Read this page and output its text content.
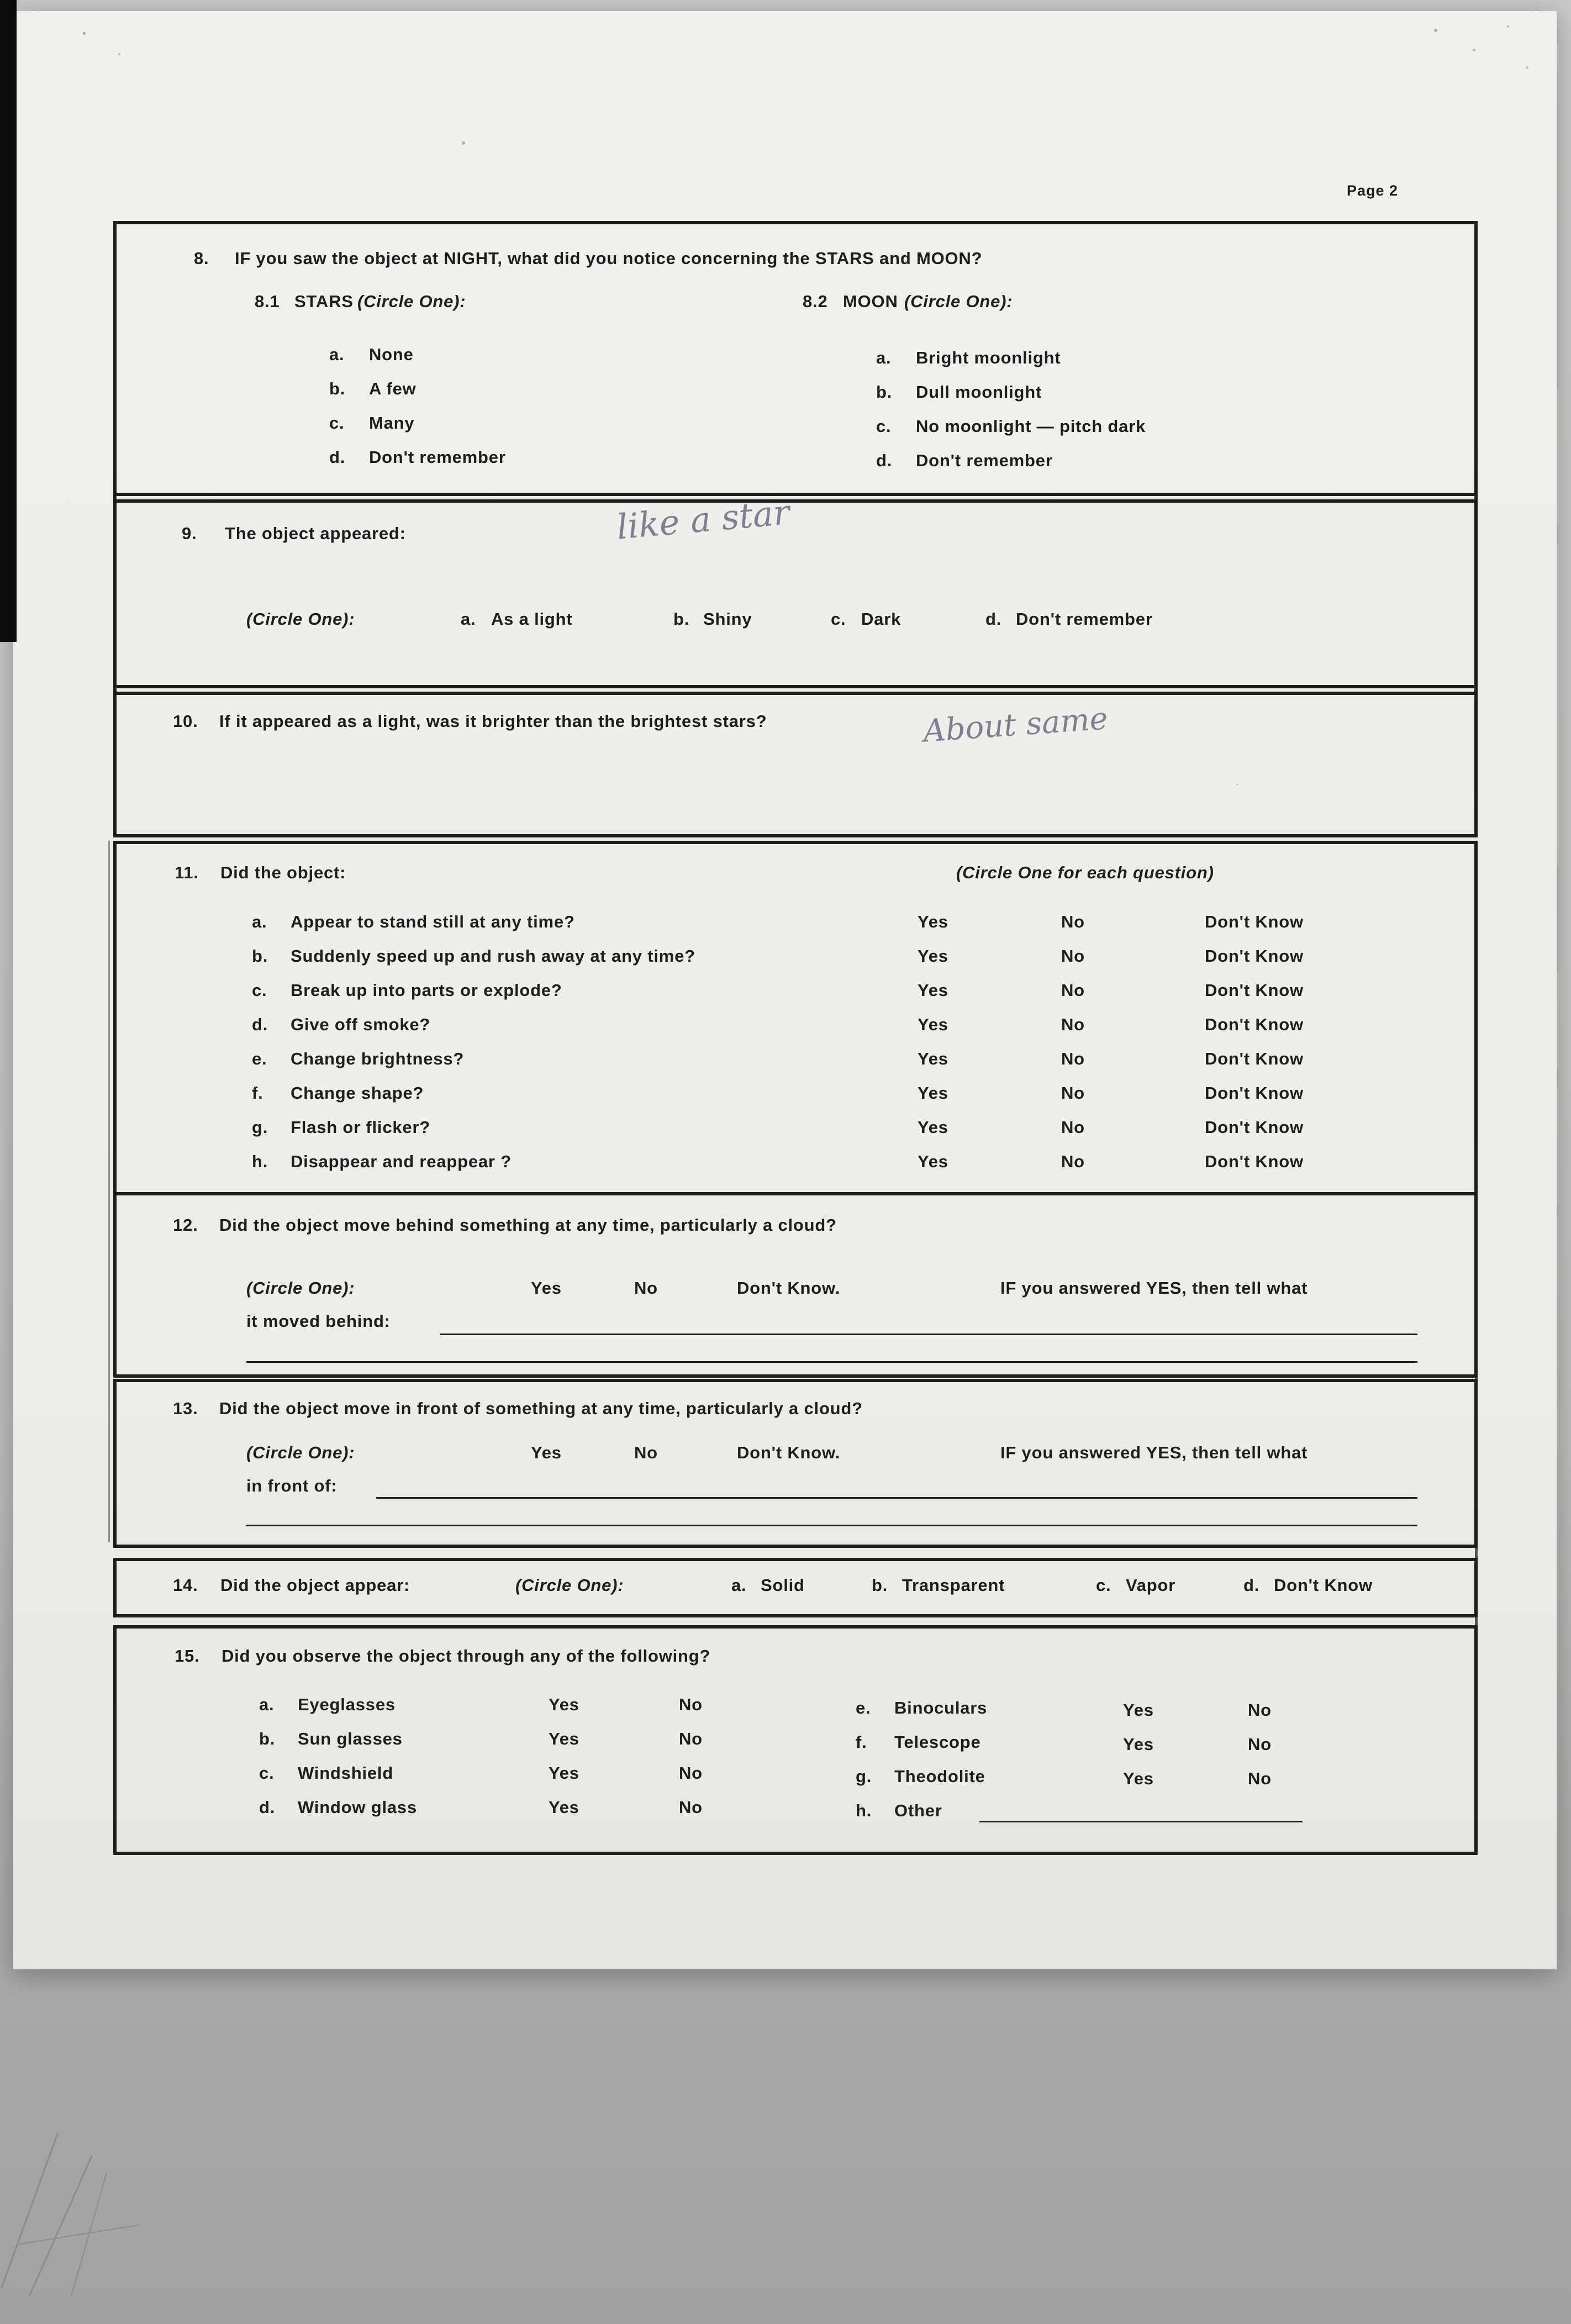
Page 2
8. IF you saw the object at NIGHT, what did you notice concerning the STARS and MOON?
8.1 STARS (Circle One):	8.2 MOON (Circle One):
a. None
b. A few
c. Many
d. Don't remember
a. Bright moonlight
b. Dull moonlight
c. No moonlight — pitch dark
d. Don't remember
9. The object appeared:	like a star
(Circle One):	a. As a light	b. Shiny	c. Dark	d. Don't remember
10. If it appeared as a light, was it brighter than the brightest stars?	About same
11. Did the object:	(Circle One for each question)
a. Appear to stand still at any time?	Yes	No	Don't Know
b. Suddenly speed up and rush away at any time?	Yes	No	Don't Know
c. Break up into parts or explode?	Yes	No	Don't Know
d. Give off smoke?	Yes	No	Don't Know
e. Change brightness?	Yes	No	Don't Know
f. Change shape?	Yes	No	Don't Know
g. Flash or flicker?	Yes	No	Don't Know
h. Disappear and reappear ?	Yes	No	Don't Know
12. Did the object move behind something at any time, particularly a cloud?
(Circle One):	Yes	No	Don't Know.	IF you answered YES, then tell what
it moved behind:
13. Did the object move in front of something at any time, particularly a cloud?
(Circle One):	Yes	No	Don't Know.	IF you answered YES, then tell what
in front of:
14. Did the object appear:	(Circle One):	a. Solid	b. Transparent	c. Vapor	d. Don't Know
15. Did you observe the object through any of the following?
a. Eyeglasses	Yes	No	e. Binoculars	Yes	No
b. Sun glasses	Yes	No	f. Telescope	Yes	No
c. Windshield	Yes	No	g. Theodolite	Yes	No
d. Window glass	Yes	No	h. Other
